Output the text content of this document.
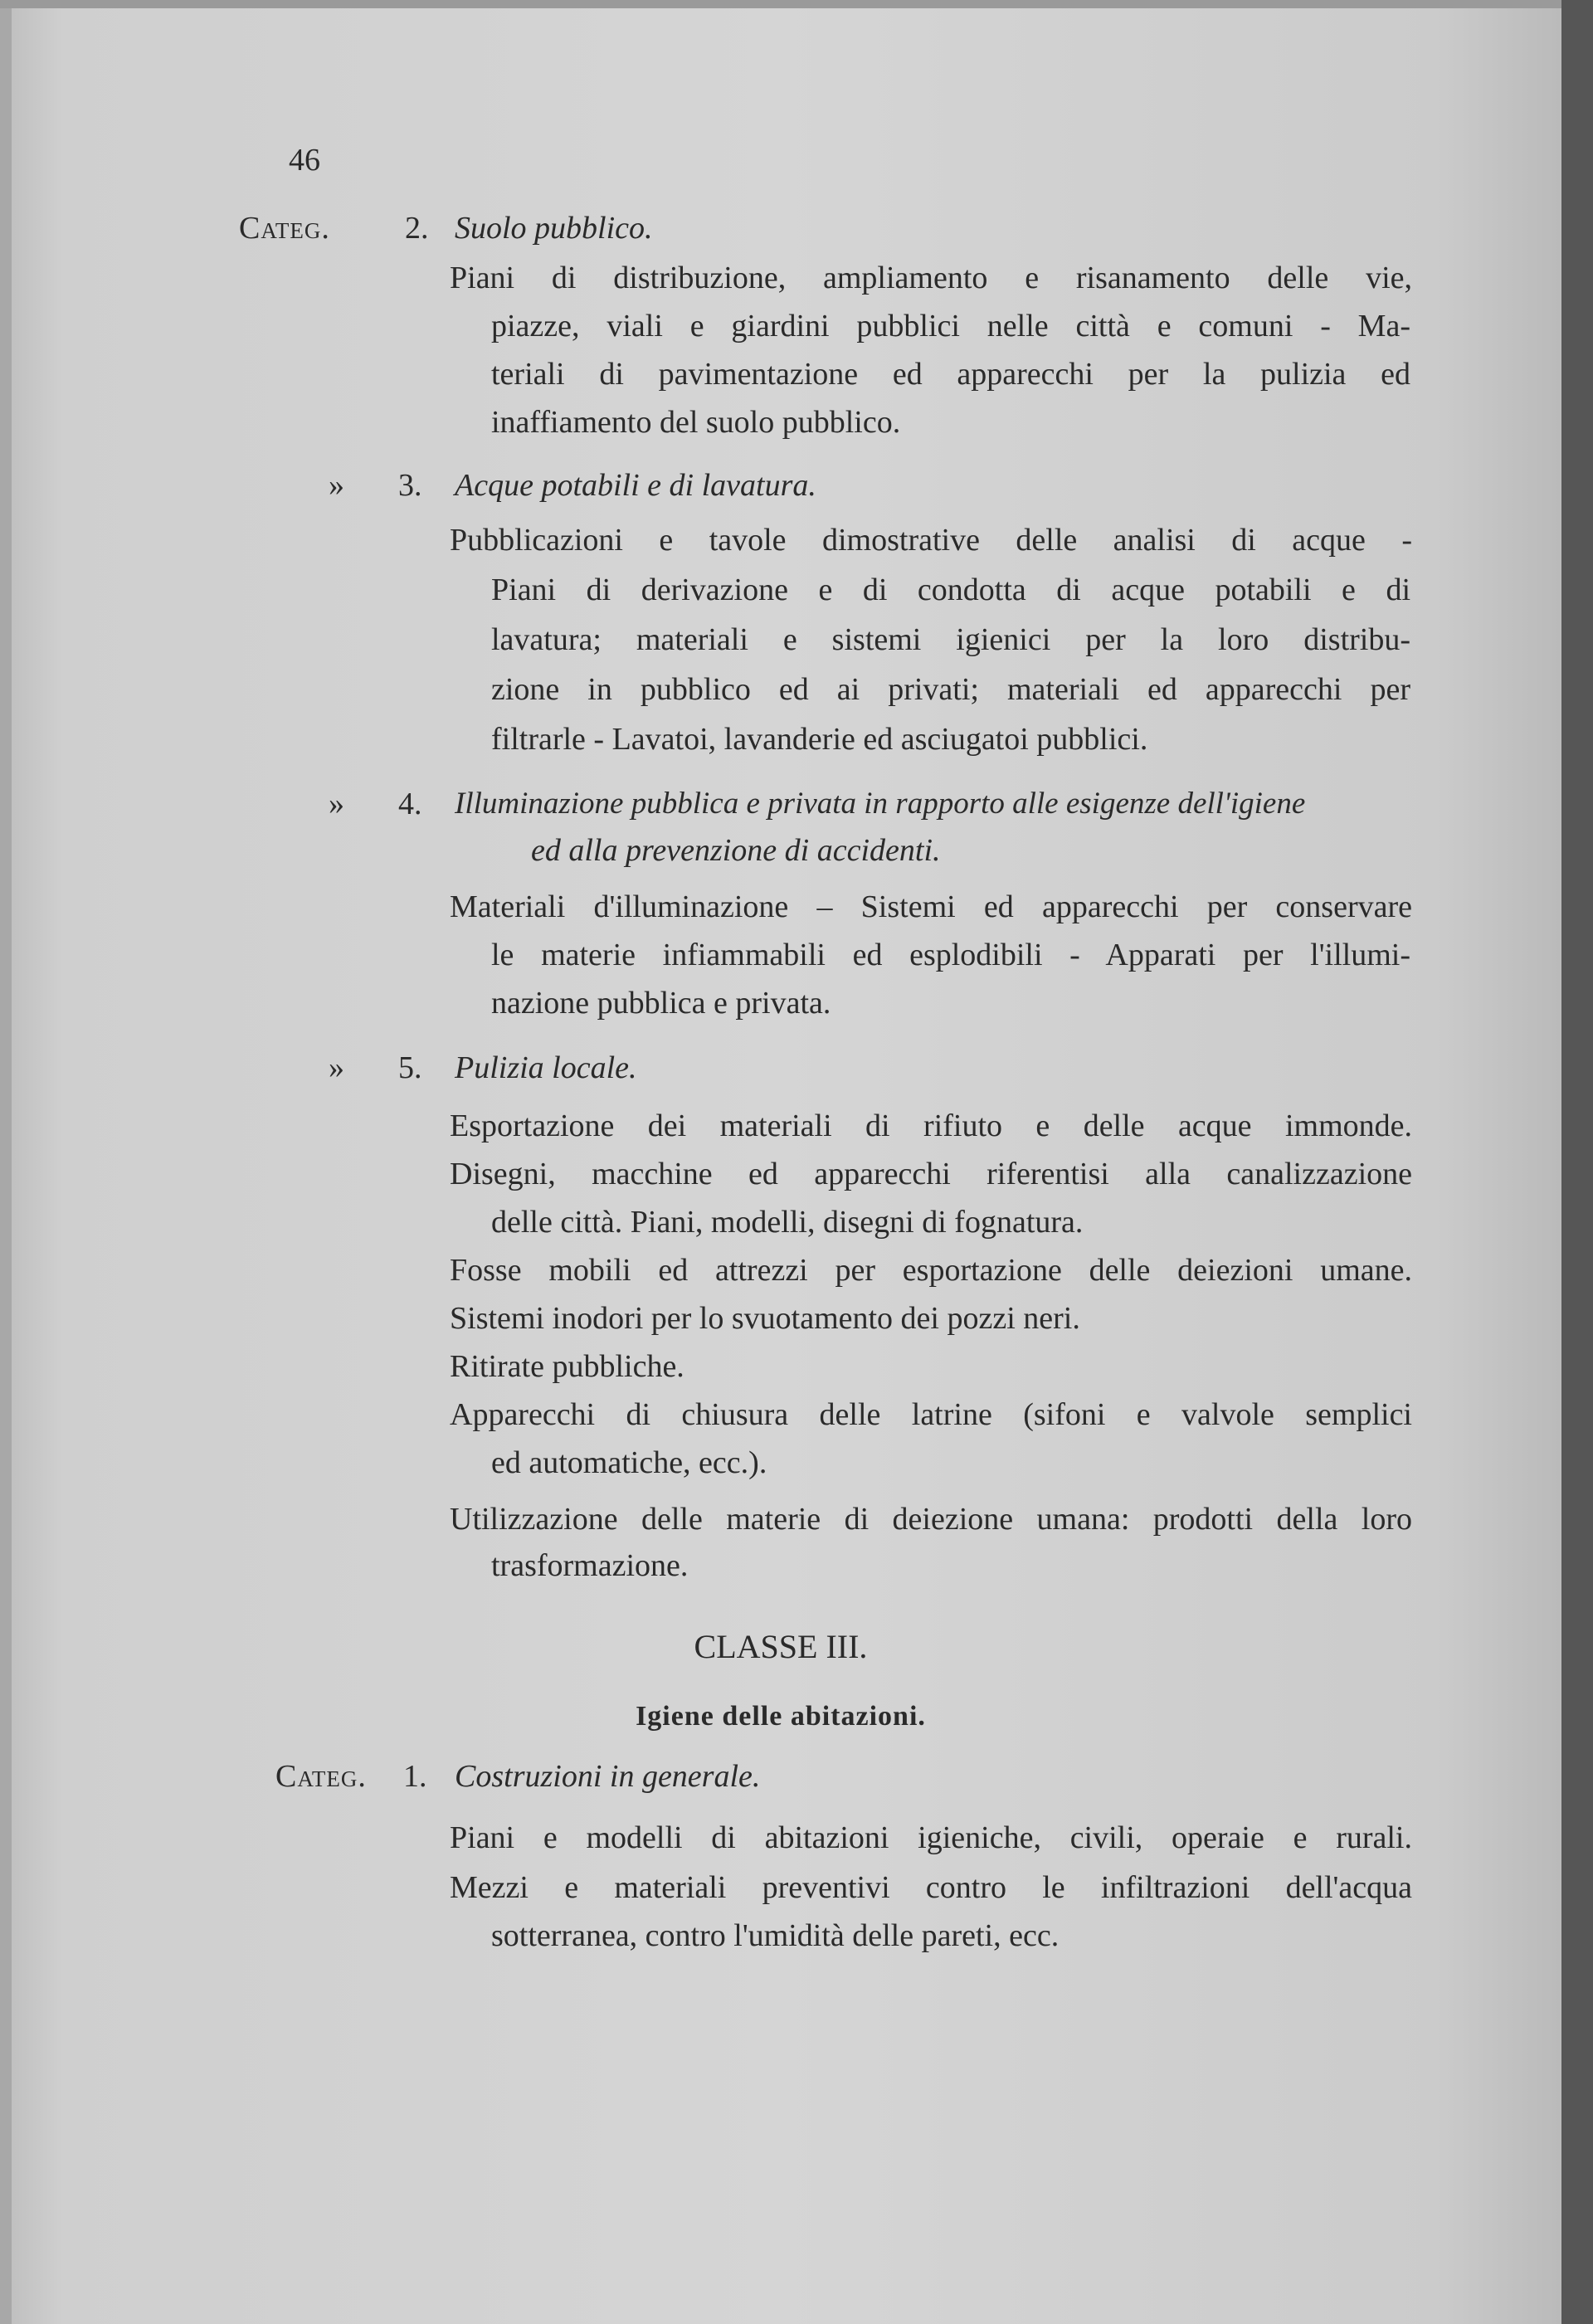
46
Categ. 2. Suolo pubblico.
Piani di distribuzione, ampliamento e risanamento delle vie,
piazze, viali e giardini pubblici nelle città e comuni - Ma-
teriali di pavimentazione ed apparecchi per la pulizia ed
inaffiamento del suolo pubblico.
» 3. Acque potabili e di lavatura.
Pubblicazioni e tavole dimostrative delle analisi di acque -
Piani di derivazione e di condotta di acque potabili e di
lavatura; materiali e sistemi igienici per la loro distribu-
zione in pubblico ed ai privati; materiali ed apparecchi per
filtrarle - Lavatoi, lavanderie ed asciugatoi pubblici.
» 4. Illuminazione pubblica e privata in rapporto alle esigenze dell'igiene
ed alla prevenzione di accidenti.
Materiali d'illuminazione – Sistemi ed apparecchi per conservare
le materie infiammabili ed esplodibili - Apparati per l'illumi-
nazione pubblica e privata.
» 5. Pulizia locale.
Esportazione dei materiali di rifiuto e delle acque immonde.
Disegni, macchine ed apparecchi riferentisi alla canalizzazione
delle città. Piani, modelli, disegni di fognatura.
Fosse mobili ed attrezzi per esportazione delle deiezioni umane.
Sistemi inodori per lo svuotamento dei pozzi neri.
Ritirate pubbliche.
Apparecchi di chiusura delle latrine (sifoni e valvole semplici
ed automatiche, ecc.).
Utilizzazione delle materie di deiezione umana: prodotti della loro
trasformazione.
CLASSE III.
Igiene delle abitazioni.
Categ. 1. Costruzioni in generale.
Piani e modelli di abitazioni igieniche, civili, operaie e rurali.
Mezzi e materiali preventivi contro le infiltrazioni dell'acqua
sotterranea, contro l'umidità delle pareti, ecc.
